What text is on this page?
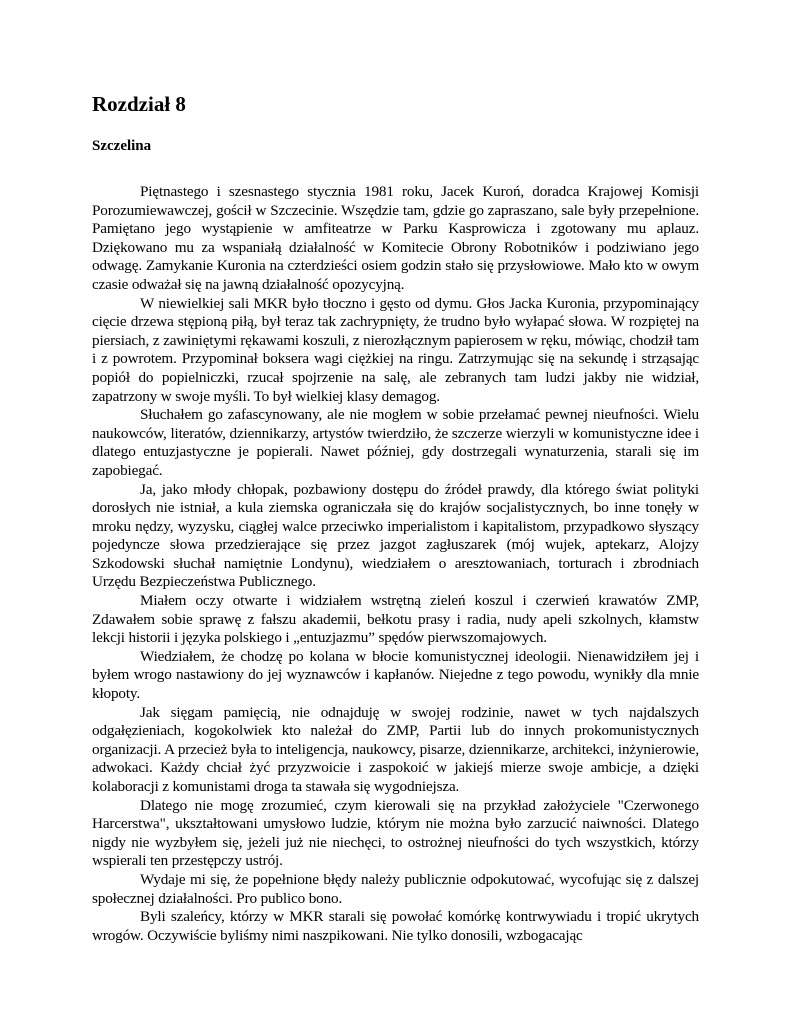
Rozdział 8
Szczelina

Piętnastego i szesnastego stycznia 1981 roku, Jacek Kuroń, doradca Krajowej Komisji Porozumiewawczej, gościł w Szczecinie. Wszędzie tam, gdzie go zapraszano, sale były przepełnione. Pamiętano jego wystąpienie w amfiteatrze w Parku Kasprowicza i zgotowany mu aplauz. Dziękowano mu za wspaniałą działalność w Komitecie Obrony Robotników i podziwiano jego odwagę. Zamykanie Kuronia na czterdzieści osiem godzin stało się przysłowiowe. Mało kto w owym czasie odważał się na jawną działalność opozycyjną.

W niewielkiej sali MKR było tłoczno i gęsto od dymu. Głos Jacka Kuronia, przypominający cięcie drzewa stępioną piłą, był teraz tak zachrypnięty, że trudno było wyłapać słowa. W rozpiętej na piersiach, z zawiniętymi rękawami koszuli, z nierozłącznym papierosem w ręku, mówiąc, chodził tam i z powrotem. Przypominał boksera wagi ciężkiej na ringu. Zatrzymując się na sekundę i strząsając popiół do popielniczki, rzucał spojrzenie na salę, ale zebranych tam ludzi jakby nie widział, zapatrzony w swoje myśli. To był wielkiej klasy demagog.

Słuchałem go zafascynowany, ale nie mogłem w sobie przełamać pewnej nieufności. Wielu naukowców, literatów, dziennikarzy, artystów twierdziło, że szczerze wierzyli w komunistyczne idee i dlatego entuzjastyczne je popierali. Nawet później, gdy dostrzegali wynaturzenia, starali się im zapobiegać.

Ja, jako młody chłopak, pozbawiony dostępu do źródeł prawdy, dla którego świat polityki dorosłych nie istniał, a kula ziemska ograniczała się do krajów socjalistycznych, bo inne tonęły w mroku nędzy, wyzysku, ciągłej walce przeciwko imperialistom i kapitalistom, przypadkowo słyszący pojedyncze słowa przedzierające się przez jazgot zagłuszarek (mój wujek, aptekarz, Alojzy Szkodowski słuchał namiętnie Londynu), wiedziałem o aresztowaniach, torturach i zbrodniach Urzędu Bezpieczeństwa Publicznego.

Miałem oczy otwarte i widziałem wstrętną zieleń koszul i czerwień krawatów ZMP, Zdawałem sobie sprawę z fałszu akademii, bełkotu prasy i radia, nudy apeli szkolnych, kłamstw lekcji historii i języka polskiego i „entuzjazmu” spędów pierwszomajowych.

Wiedziałem, że chodzę po kolana w błocie komunistycznej ideologii. Nienawidziłem jej i byłem wrogo nastawiony do jej wyznawców i kapłanów. Niejedne z tego powodu, wynikły dla mnie kłopoty.

Jak sięgam pamięcią, nie odnajduję w swojej rodzinie, nawet w tych najdalszych odgałęzieniach, kogokolwiek kto należał do ZMP, Partii lub do innych prokomunistycznych organizacji. A przecież była to inteligencja, naukowcy, pisarze, dziennikarze, architekci, inżynierowie, adwokaci. Każdy chciał żyć przyzwoicie i zaspokoić w jakiejś mierze swoje ambicje, a dzięki kolaboracji z komunistami droga ta stawała się wygodniejsza.

Dlatego nie mogę zrozumieć, czym kierowali się na przykład założyciele "Czerwonego Harcerstwa", ukształtowani umysłowo ludzie, którym nie można było zarzucić naiwności. Dlatego nigdy nie wyzbyłem się, jeżeli już nie niechęci, to ostrożnej nieufności do tych wszystkich, którzy wspierali ten przestępczy ustrój.

Wydaje mi się, że popełnione błędy należy publicznie odpokutować, wycofując się z dalszej społecznej działalności. Pro publico bono.

Byli szaleńcy, którzy w MKR starali się powołać komórkę kontrwywiadu i tropić ukrytych wrogów. Oczywiście byliśmy nimi naszpikowani. Nie tylko donosili, wzbogacając
